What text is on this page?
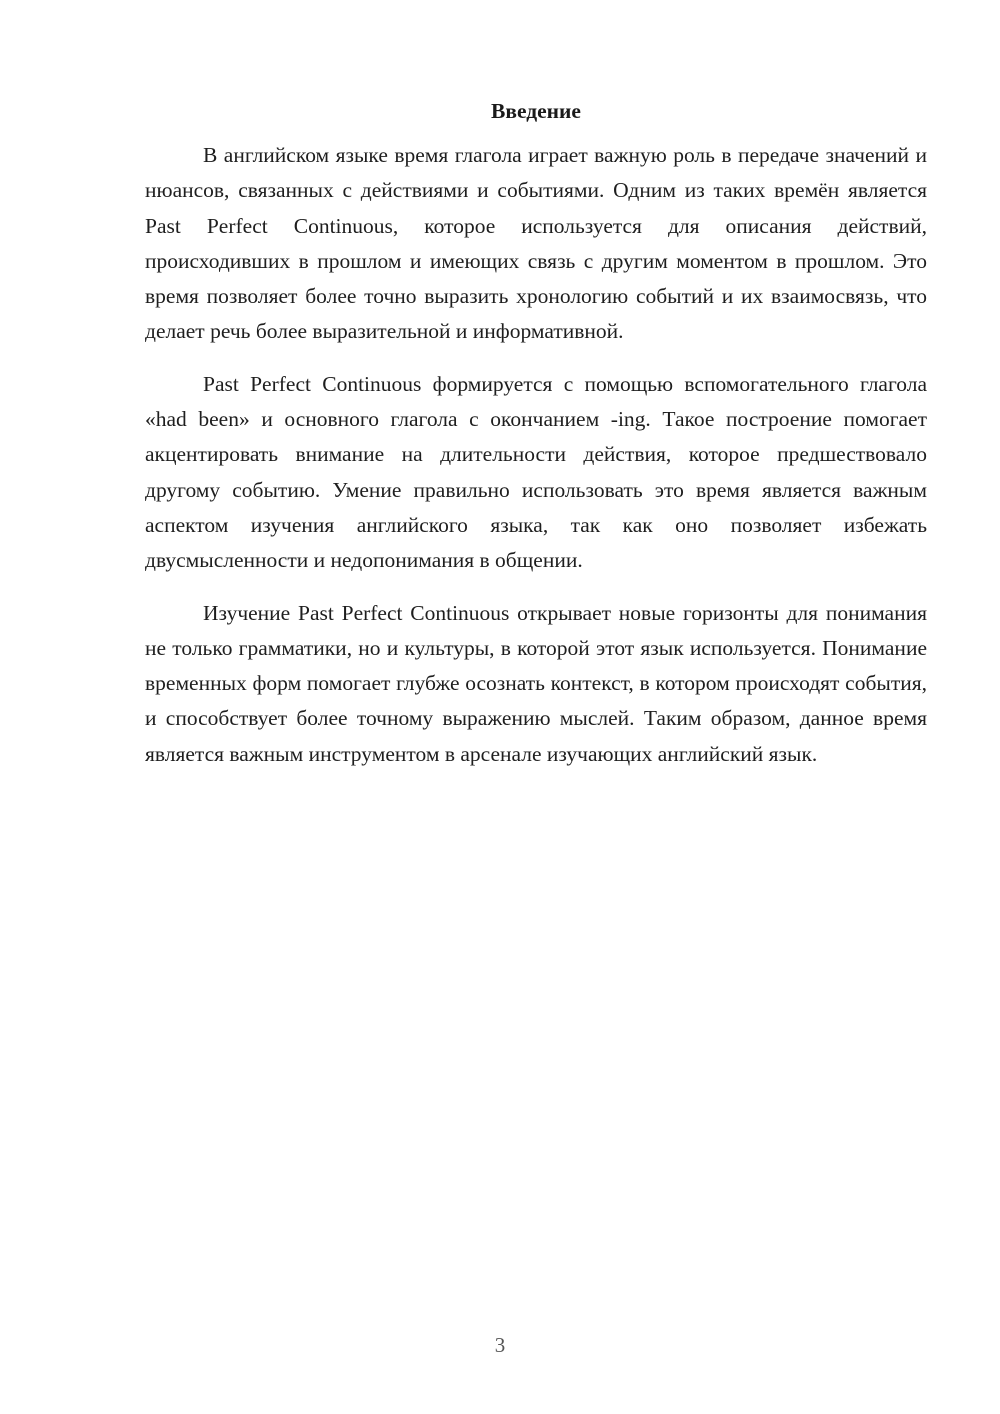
Введение

В английском языке время глагола играет важную роль в передаче значений и нюансов, связанных с действиями и событиями. Одним из таких времён является Past Perfect Continuous, которое используется для описания действий, происходивших в прошлом и имеющих связь с другим моментом в прошлом. Это время позволяет более точно выразить хронологию событий и их взаимосвязь, что делает речь более выразительной и информативной.

Past Perfect Continuous формируется с помощью вспомогательного глагола «had been» и основного глагола с окончанием -ing. Такое построение помогает акцентировать внимание на длительности действия, которое предшествовало другому событию. Умение правильно использовать это время является важным аспектом изучения английского языка, так как оно позволяет избежать двусмысленности и недопонимания в общении.

Изучение Past Perfect Continuous открывает новые горизонты для понимания не только грамматики, но и культуры, в которой этот язык используется. Понимание временных форм помогает глубже осознать контекст, в котором происходят события, и способствует более точному выражению мыслей. Таким образом, данное время является важным инструментом в арсенале изучающих английский язык.

3
